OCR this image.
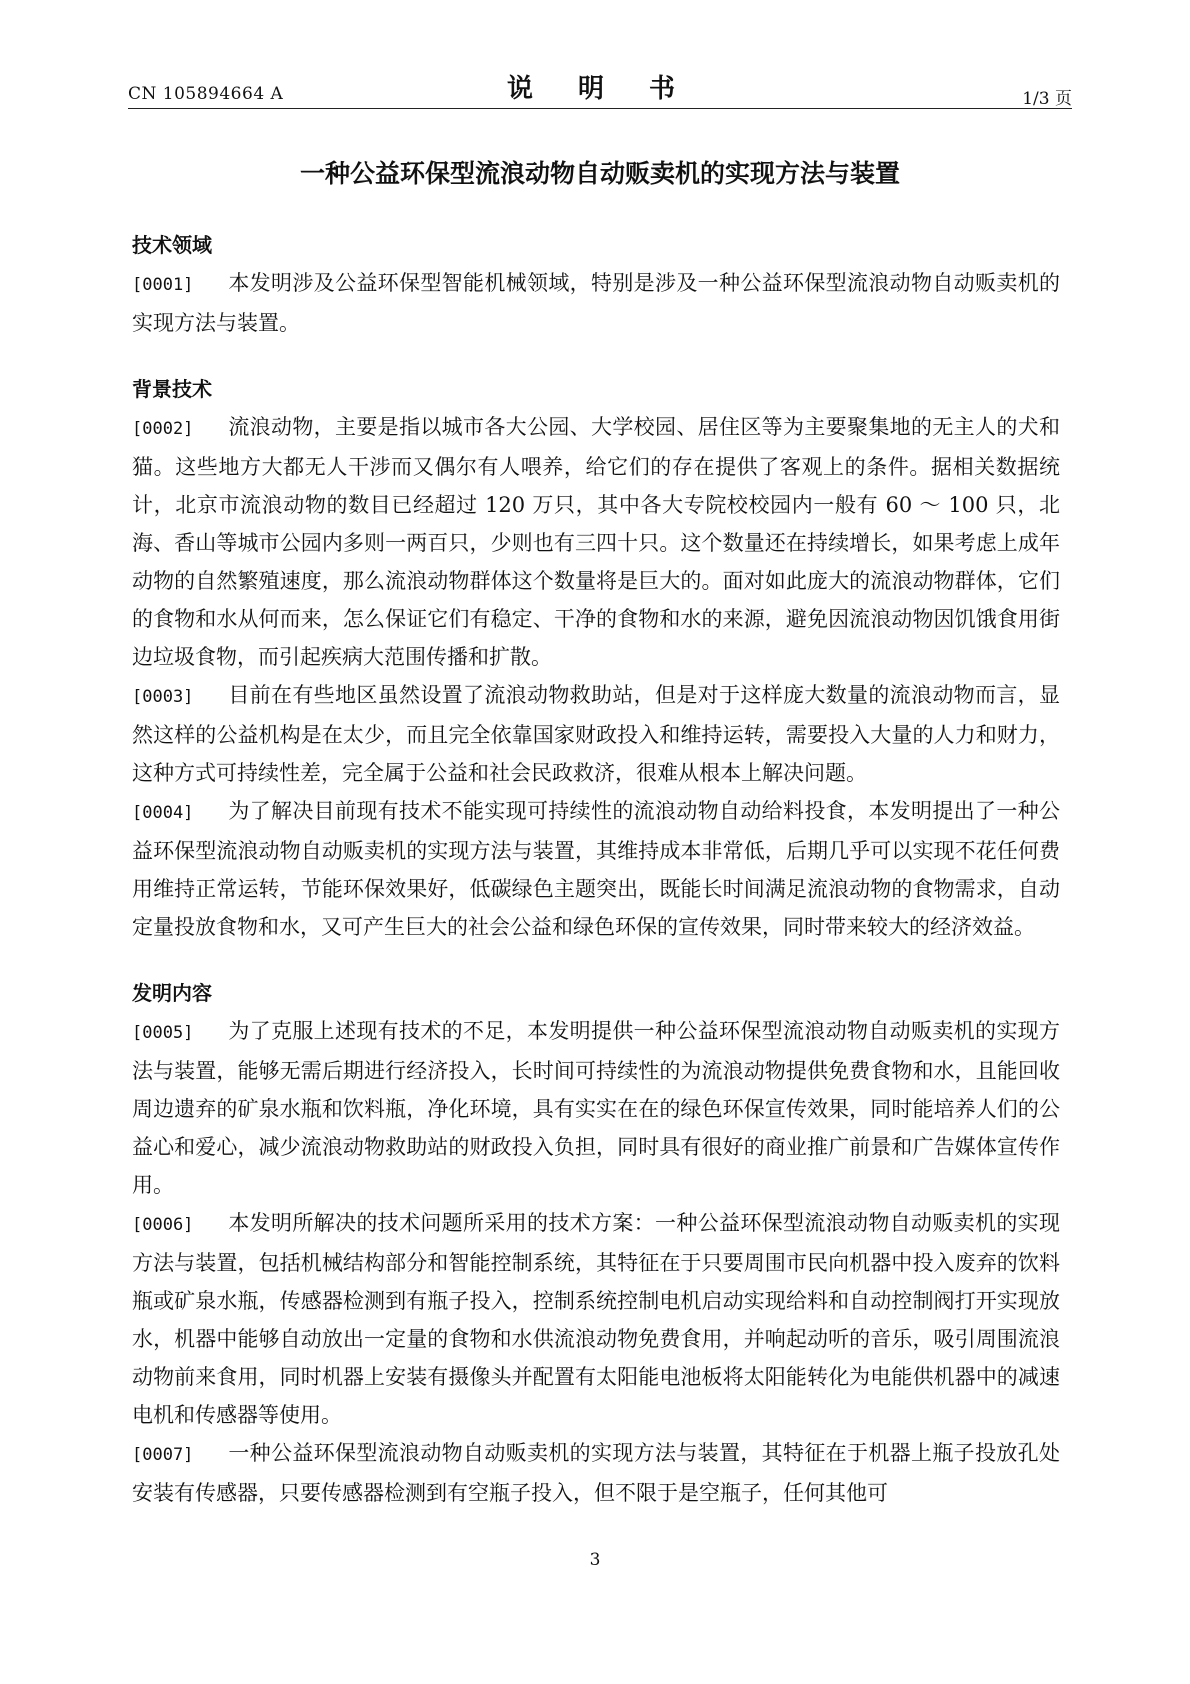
CN 105894664 A	说 明 书	1/3 页
一种公益环保型流浪动物自动贩卖机的实现方法与装置
技术领域

[0001] 本发明涉及公益环保型智能机械领域，特别是涉及一种公益环保型流浪动物自动贩卖机的实现方法与装置。

背景技术

[0002] 流浪动物，主要是指以城市各大公园、大学校园、居住区等为主要聚集地的无主人的犬和猫。这些地方大都无人干涉而又偶尔有人喂养，给它们的存在提供了客观上的条件。据相关数据统计，北京市流浪动物的数目已经超过 120 万只，其中各大专院校校园内一般有 60 ～ 100 只，北海、香山等城市公园内多则一两百只，少则也有三四十只。这个数量还在持续增长，如果考虑上成年动物的自然繁殖速度，那么流浪动物群体这个数量将是巨大的。面对如此庞大的流浪动物群体，它们的食物和水从何而来，怎么保证它们有稳定、干净的食物和水的来源，避免因流浪动物因饥饿食用街边垃圾食物，而引起疾病大范围传播和扩散。

[0003] 目前在有些地区虽然设置了流浪动物救助站，但是对于这样庞大数量的流浪动物而言，显然这样的公益机构是在太少，而且完全依靠国家财政投入和维持运转，需要投入大量的人力和财力，这种方式可持续性差，完全属于公益和社会民政救济，很难从根本上解决问题。

[0004] 为了解决目前现有技术不能实现可持续性的流浪动物自动给料投食，本发明提出了一种公益环保型流浪动物自动贩卖机的实现方法与装置，其维持成本非常低，后期几乎可以实现不花任何费用维持正常运转，节能环保效果好，低碳绿色主题突出，既能长时间满足流浪动物的食物需求，自动定量投放食物和水，又可产生巨大的社会公益和绿色环保的宣传效果，同时带来较大的经济效益。

发明内容

[0005] 为了克服上述现有技术的不足，本发明提供一种公益环保型流浪动物自动贩卖机的实现方法与装置，能够无需后期进行经济投入，长时间可持续性的为流浪动物提供免费食物和水，且能回收周边遗弃的矿泉水瓶和饮料瓶，净化环境，具有实实在在的绿色环保宣传效果，同时能培养人们的公益心和爱心，减少流浪动物救助站的财政投入负担，同时具有很好的商业推广前景和广告媒体宣传作用。

[0006] 本发明所解决的技术问题所采用的技术方案：一种公益环保型流浪动物自动贩卖机的实现方法与装置，包括机械结构部分和智能控制系统，其特征在于只要周围市民向机器中投入废弃的饮料瓶或矿泉水瓶，传感器检测到有瓶子投入，控制系统控制电机启动实现给料和自动控制阀打开实现放水，机器中能够自动放出一定量的食物和水供流浪动物免费食用，并响起动听的音乐，吸引周围流浪动物前来食用，同时机器上安装有摄像头并配置有太阳能电池板将太阳能转化为电能供机器中的减速电机和传感器等使用。

[0007] 一种公益环保型流浪动物自动贩卖机的实现方法与装置，其特征在于机器上瓶子投放孔处安装有传感器，只要传感器检测到有空瓶子投入，但不限于是空瓶子，任何其他可

3
